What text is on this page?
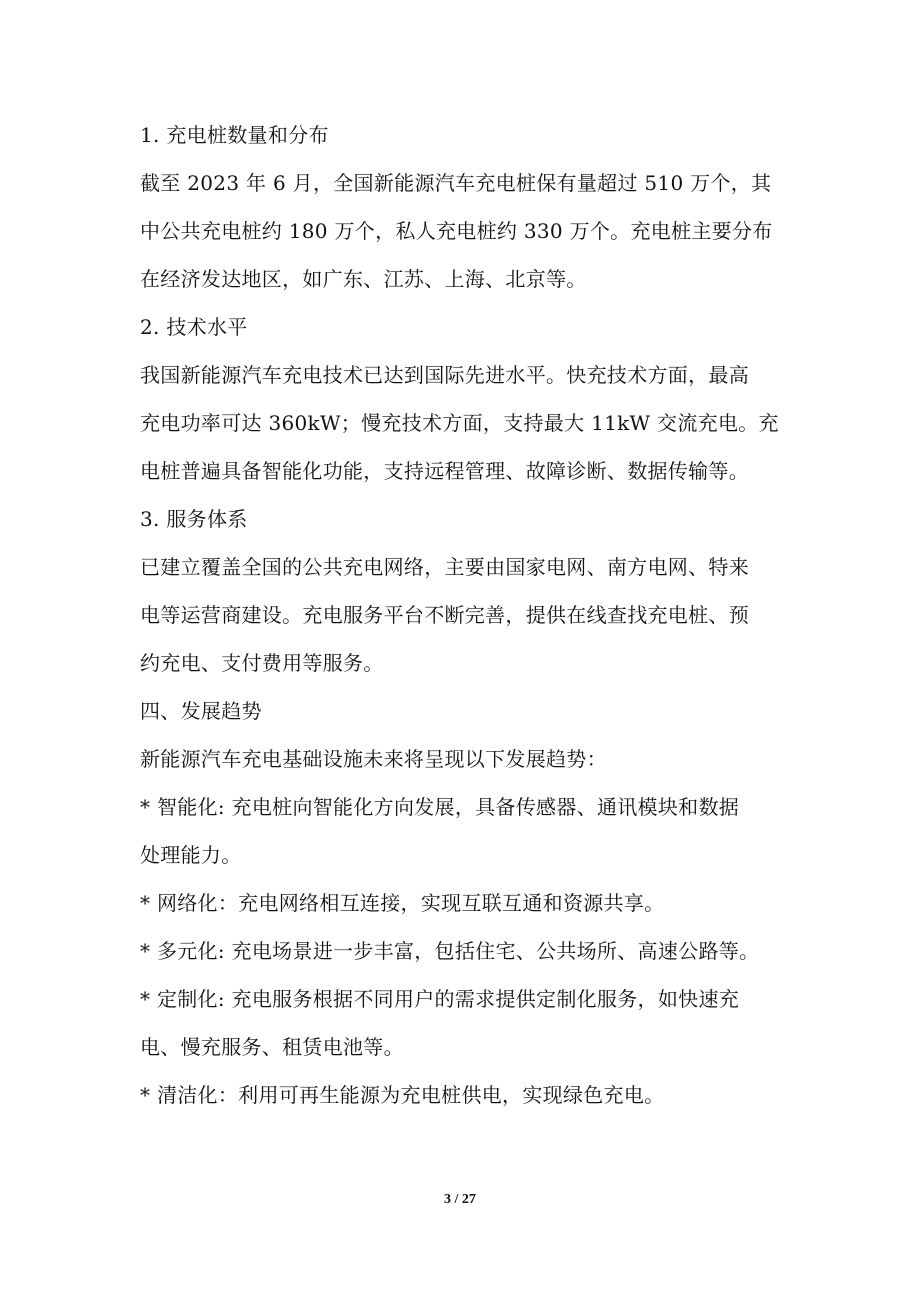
1. 充电桩数量和分布
截至 2023 年 6 月，全国新能源汽车充电桩保有量超过 510 万个，其
中公共充电桩约 180 万个，私人充电桩约 330 万个。充电桩主要分布
在经济发达地区，如广东、江苏、上海、北京等。
2. 技术水平
我国新能源汽车充电技术已达到国际先进水平。快充技术方面，最高
充电功率可达 360kW；慢充技术方面，支持最大 11kW 交流充电。充
电桩普遍具备智能化功能，支持远程管理、故障诊断、数据传输等。
3. 服务体系
已建立覆盖全国的公共充电网络，主要由国家电网、南方电网、特来
电等运营商建设。充电服务平台不断完善，提供在线查找充电桩、预
约充电、支付费用等服务。
四、发展趋势
新能源汽车充电基础设施未来将呈现以下发展趋势：
* 智能化: 充电桩向智能化方向发展，具备传感器、通讯模块和数据
处理能力。
* 网络化：充电网络相互连接，实现互联互通和资源共享。
* 多元化: 充电场景进一步丰富，包括住宅、公共场所、高速公路等。
* 定制化: 充电服务根据不同用户的需求提供定制化服务，如快速充
电、慢充服务、租赁电池等。
* 清洁化：利用可再生能源为充电桩供电，实现绿色充电。
3 / 27
